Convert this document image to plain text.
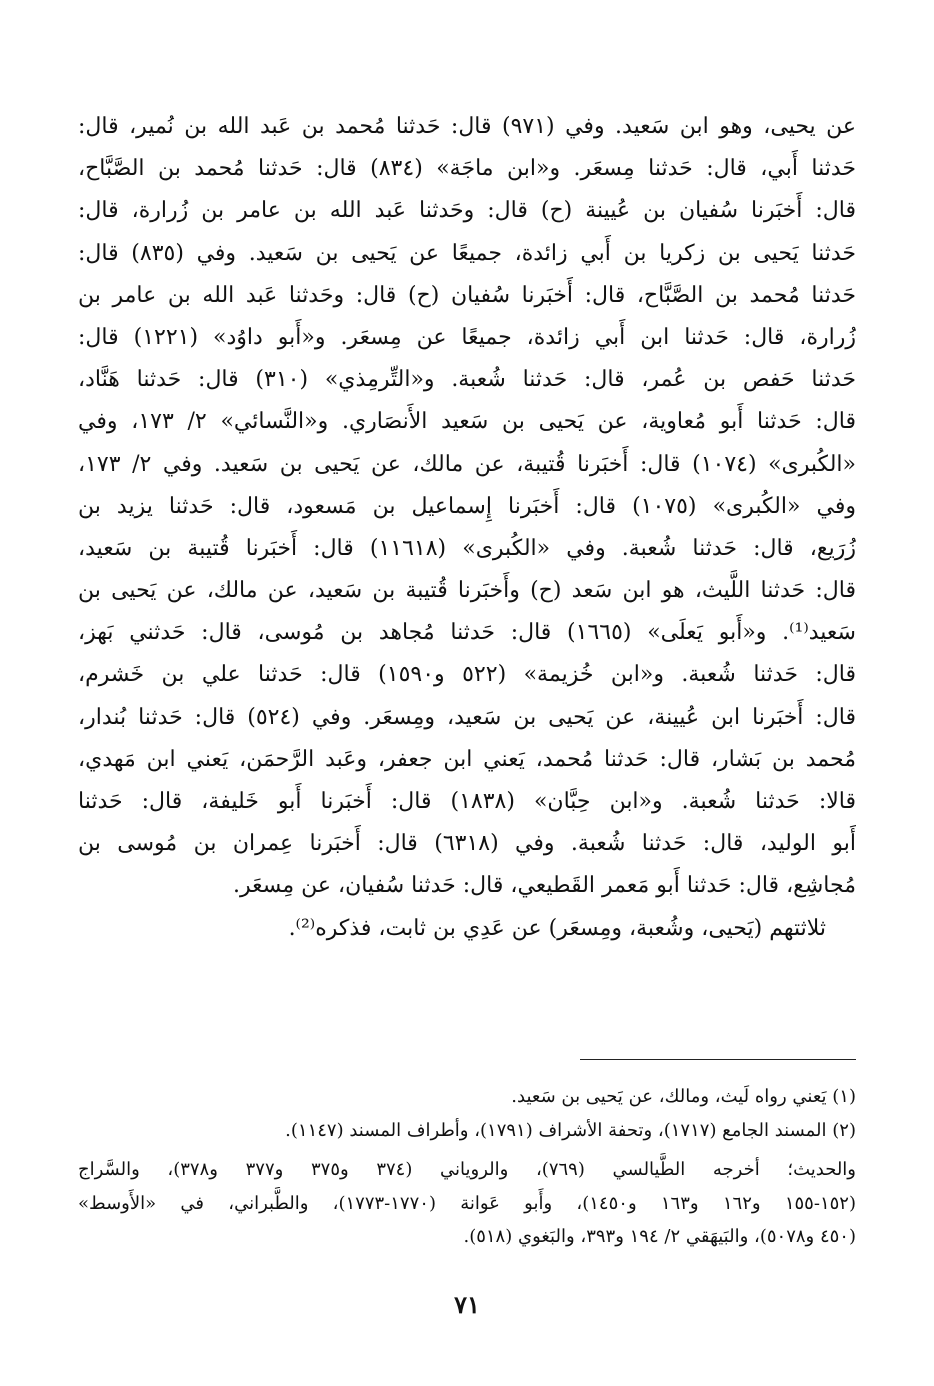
عن يحيى، وهو ابن سَعيد. وفي (٩٧١) قال: حَدثنا مُحمد بن عَبد الله بن نُمير، قال:
حَدثنا أَبي، قال: حَدثنا مِسعَر. و«ابن ماجَة» (٨٣٤) قال: حَدثنا مُحمد بن الصَّبَّاح،
قال: أَخبَرنا سُفيان بن عُيينة (ح) قال: وحَدثنا عَبد الله بن عامر بن زُرارة، قال:
حَدثنا يَحيى بن زكريا بن أَبي زائدة، جميعًا عن يَحيى بن سَعيد. وفي (٨٣٥) قال:
حَدثنا مُحمد بن الصَّبَّاح، قال: أَخبَرنا سُفيان (ح) قال: وحَدثنا عَبد الله بن عامر بن
زُرارة، قال: حَدثنا ابن أَبي زائدة، جميعًا عن مِسعَر. و«أَبو داوُد» (١٢٢١) قال:
حَدثنا حَفص بن عُمر، قال: حَدثنا شُعبة. و«التِّرمِذي» (٣١٠) قال: حَدثنا هَنَّاد،
قال: حَدثنا أَبو مُعاوية، عن يَحيى بن سَعيد الأَنصَاري. و«النَّسائي» ٢/ ١٧٣، وفي
«الكُبرى» (١٠٧٤) قال: أَخبَرنا قُتيبة، عن مالك، عن يَحيى بن سَعيد. وفي ٢/ ١٧٣،
وفي «الكُبرى» (١٠٧٥) قال: أَخبَرنا إِسماعيل بن مَسعود، قال: حَدثنا يزيد بن
زُرَيع، قال: حَدثنا شُعبة. وفي «الكُبرى» (١١٦١٨) قال: أَخبَرنا قُتيبة بن سَعيد،
قال: حَدثنا اللَّيث، هو ابن سَعد (ح) وأَخبَرنا قُتيبة بن سَعيد، عن مالك، عن يَحيى بن
سَعيد⁽¹⁾. و«أَبو يَعلَى» (١٦٦٥) قال: حَدثنا مُجاهد بن مُوسى، قال: حَدثني بَهز،
قال: حَدثنا شُعبة. و«ابن خُزيمة» (٥٢٢ و١٥٩٠) قال: حَدثنا علي بن خَشرم،
قال: أَخبَرنا ابن عُيينة، عن يَحيى بن سَعيد، ومِسعَر. وفي (٥٢٤) قال: حَدثنا بُندار،
مُحمد بن بَشار، قال: حَدثنا مُحمد، يَعني ابن جعفر، وعَبد الرَّحمَن، يَعني ابن مَهدي،
قالا: حَدثنا شُعبة. و«ابن حِبَّان» (١٨٣٨) قال: أَخبَرنا أَبو خَليفة، قال: حَدثنا
أَبو الوليد، قال: حَدثنا شُعبة. وفي (٦٣١٨) قال: أَخبَرنا عِمران بن مُوسى بن
مُجاشِع، قال: حَدثنا أَبو مَعمر القَطيعي، قال: حَدثنا سُفيان، عن مِسعَر.
ثلاثتهم (يَحيى، وشُعبة، ومِسعَر) عن عَدِي بن ثابت، فذكره⁽²⁾.
(١) يَعني رواه لَيث، ومالك، عن يَحيى بن سَعيد.
(٢) المسند الجامع (١٧١٧)، وتحفة الأشراف (١٧٩١)، وأطراف المسند (١١٤٧).
والحديث؛ أخرجه الطَّيالسي (٧٦٩)، والروياني (٣٧٤ و٣٧٥ و٣٧٧ و٣٧٨)، والسَّراج
(١٥٢-١٥٥ و١٦٢ و١٦٣ و١٤٥٠)، وأَبو عَوانة (١٧٧٠-١٧٧٣)، والطَّبراني، في «الأَوسط»
(٤٥٠ و٥٠٧٨)، والبَيهَقي ٢/ ١٩٤ و٣٩٣، والبَغوي (٥١٨).
٧١
